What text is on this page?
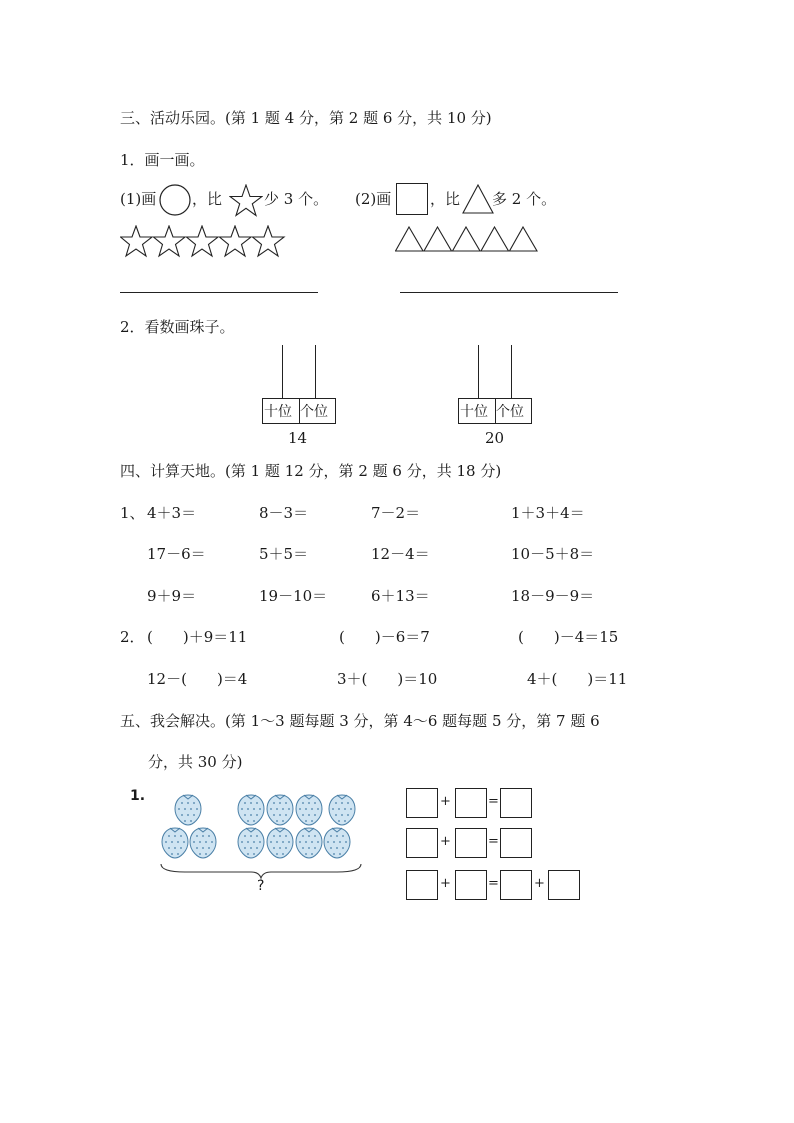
三、活动乐园。(第 1 题 4 分，第 2 题 6 分，共 10 分)
1．画一画。
(1)画 ，比	少 3 个。 (2)画	，比 多 2 个。
2．看数画珠子。
十位 个位
14
十位 个位
20
四、计算天地。(第 1 题 12 分，第 2 题 6 分，共 18 分)
1、 4＋3＝	8－3＝	7－2＝	1＋3＋4＝
17－6＝	5＋5＝	12－4＝	10－5＋8＝
9＋9＝	19－10＝	6＋13＝	18－9－9＝
2． (　　)＋9＝11	(　　)－6＝7	(　　)－4＝15
12－(　　)＝4	3＋(　　)＝10	4＋(　　)＝11
五、我会解决。(第 1～3 题每题 3 分，第 4～6 题每题 5 分，第 7 题 6
分，共 30 分)
1.
?
+	=
+	=
+	=	+
